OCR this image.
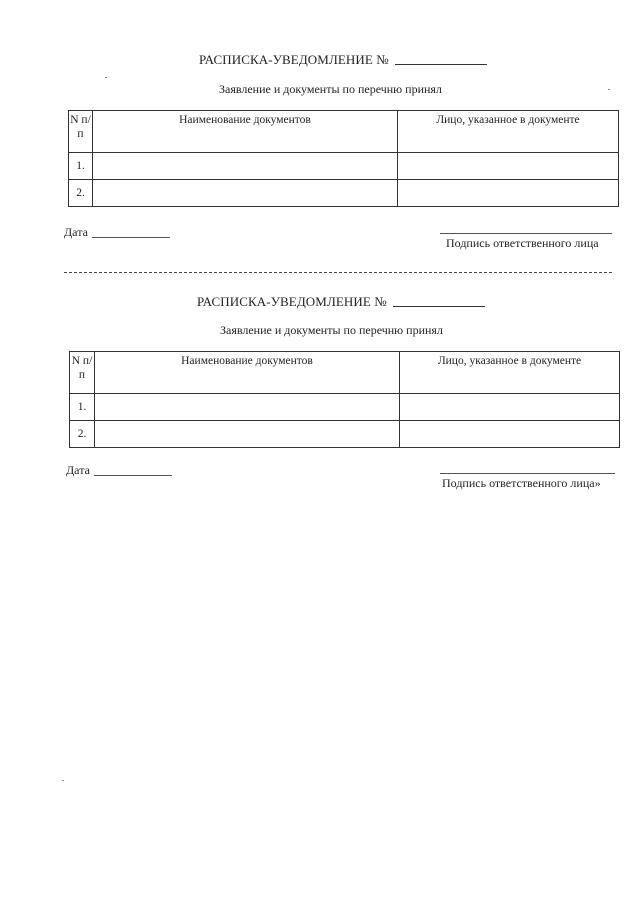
РАСПИСКА-УВЕДОМЛЕНИЕ №
Заявление и документы по перечню принял
N п/п	Наименование документов	Лицо, указанное в документе
1.		
2.		
Дата
Подпись ответственного лица
РАСПИСКА-УВЕДОМЛЕНИЕ №
Заявление и документы по перечню принял
N п/п	Наименование документов	Лицо, указанное в документе
1.		
2.		
Дата
Подпись ответственного лица»
